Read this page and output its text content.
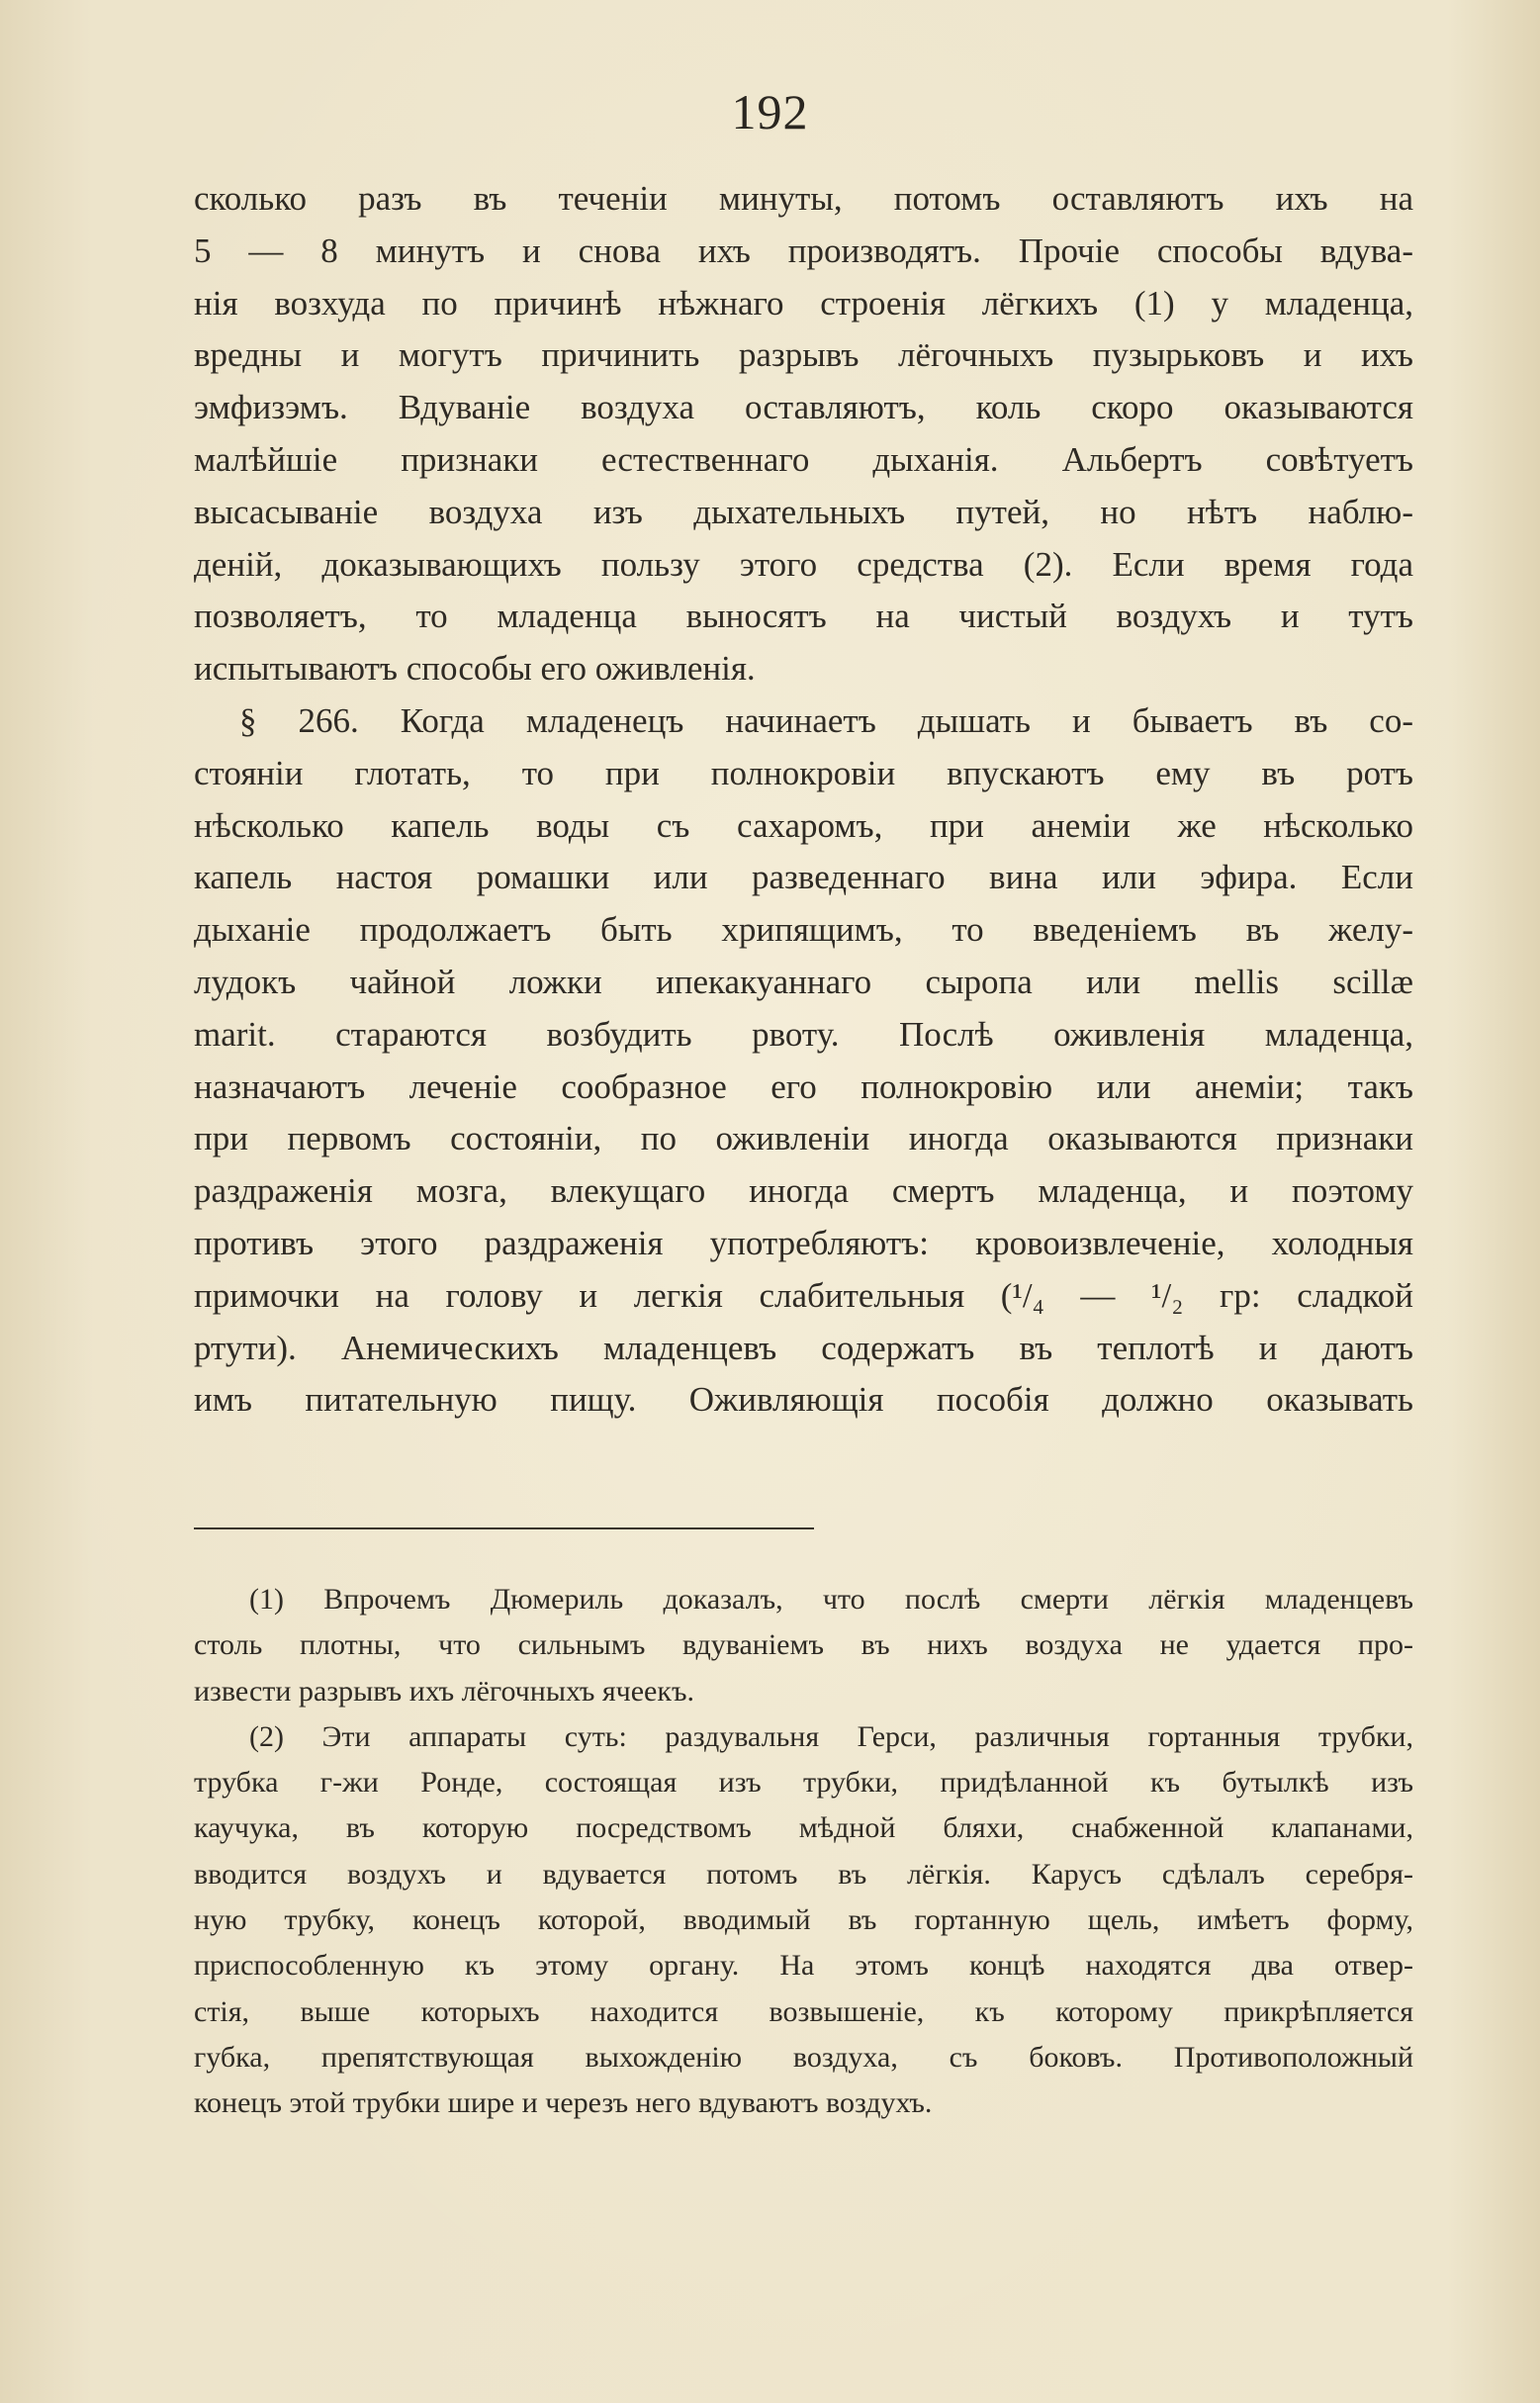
192
сколько разъ въ теченіи минуты, потомъ оставляютъ ихъ на
5 — 8 минутъ и снова ихъ производятъ. Прочіе способы вдува-
нія возхуда по причинѣ нѣжнаго строенія лёгкихъ (1) у младенца,
вредны и могутъ причинить разрывъ лёгочныхъ пузырьковъ и ихъ
эмфизэмъ. Вдуваніе воздуха оставляютъ, коль скоро оказываются
малѣйшіе признаки естественнаго дыханія. Альбертъ совѣтуетъ
высасываніе воздуха изъ дыхательныхъ путей, но нѣтъ наблю-
деній, доказывающихъ пользу этого средства (2). Если время года
позволяетъ, то младенца выносятъ на чистый воздухъ и тутъ
испытываютъ способы его оживленія.
§ 266. Когда младенецъ начинаетъ дышать и бываетъ въ со-
стояніи глотать, то при полнокровіи впускаютъ ему въ ротъ
нѣсколько капель воды съ сахаромъ, при анеміи же нѣсколько
капель настоя ромашки или разведеннаго вина или эфира. Если
дыханіе продолжаетъ быть хрипящимъ, то введеніемъ въ желу-
лудокъ чайной ложки ипекакуаннаго сыропа или mellis scillæ
marit. стараются возбудить рвоту. Послѣ оживленія младенца,
назначаютъ леченіе сообразное его полнокровію или анеміи; такъ
при первомъ состояніи, по оживленіи иногда оказываются признаки
раздраженія мозга, влекущаго иногда смертъ младенца, и поэтому
противъ этого раздраженія употребляютъ: кровоизвлеченіе, холодныя
примочки на голову и легкія слабительныя (¹/₄ — ¹/₂ гр: сладкой
ртути). Анемическихъ младенцевъ содержатъ въ теплотѣ и даютъ
имъ питательную пищу. Оживляющія пособія должно оказывать
(1) Впрочемъ Дюмериль доказалъ, что послѣ смерти лёгкія младенцевъ
столь плотны, что сильнымъ вдуваніемъ въ нихъ воздуха не удается про-
извести разрывъ ихъ лёгочныхъ ячеекъ.
(2) Эти аппараты суть: раздувальня Герси, различныя гортанныя трубки,
трубка г-жи Ронде, состоящая изъ трубки, придѣланной къ бутылкѣ изъ
каучука, въ которую посредствомъ мѣдной бляхи, снабженной клапанами,
вводится воздухъ и вдувается потомъ въ лёгкія. Карусъ сдѣлалъ серебря-
ную трубку, конецъ которой, вводимый въ гортанную щель, имѣетъ форму,
приспособленную къ этому органу. На этомъ концѣ находятся два отвер-
стія, выше которыхъ находится возвышеніе, къ которому прикрѣпляется
губка, препятствующая выхожденію воздуха, съ боковъ. Противоположный
конецъ этой трубки шире и черезъ него вдуваютъ воздухъ.
